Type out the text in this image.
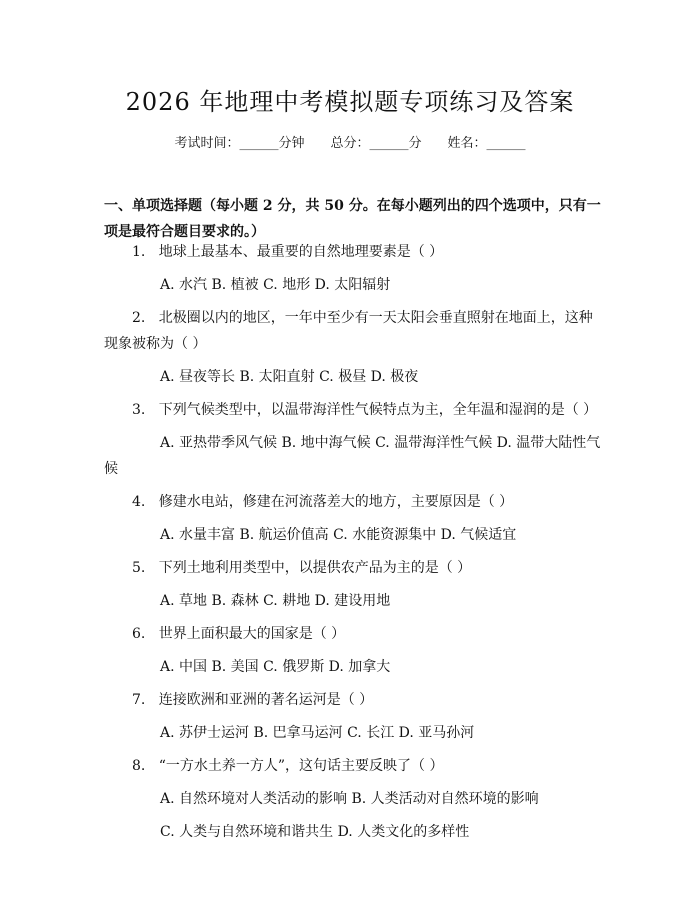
2026 年地理中考模拟题专项练习及答案
考试时间：______分钟 总分：______分 姓名：______
一、单项选择题（每小题 2 分，共 50 分。在每小题列出的四个选项中，只有一项是最符合题目要求的。）

1. 地球上最基本、最重要的自然地理要素是（ ）

A. 水汽 B. 植被 C. 地形 D. 太阳辐射

2. 北极圈以内的地区，一年中至少有一天太阳会垂直照射在地面上，这种现象被称为（ ）

A. 昼夜等长 B. 太阳直射 C. 极昼 D. 极夜

3. 下列气候类型中，以温带海洋性气候特点为主，全年温和湿润的是（ ）

A. 亚热带季风气候 B. 地中海气候 C. 温带海洋性气候 D. 温带大陆性气候

4. 修建水电站，修建在河流落差大的地方，主要原因是（ ）

A. 水量丰富 B. 航运价值高 C. 水能资源集中 D. 气候适宜

5. 下列土地利用类型中，以提供农产品为主的是（ ）

A. 草地 B. 森林 C. 耕地 D. 建设用地

6. 世界上面积最大的国家是（ ）

A. 中国 B. 美国 C. 俄罗斯 D. 加拿大

7. 连接欧洲和亚洲的著名运河是（ ）

A. 苏伊士运河 B. 巴拿马运河 C. 长江 D. 亚马孙河

8. “一方水土养一方人”，这句话主要反映了（ ）

A. 自然环境对人类活动的影响 B. 人类活动对自然环境的影响

C. 人类与自然环境和谐共生 D. 人类文化的多样性
